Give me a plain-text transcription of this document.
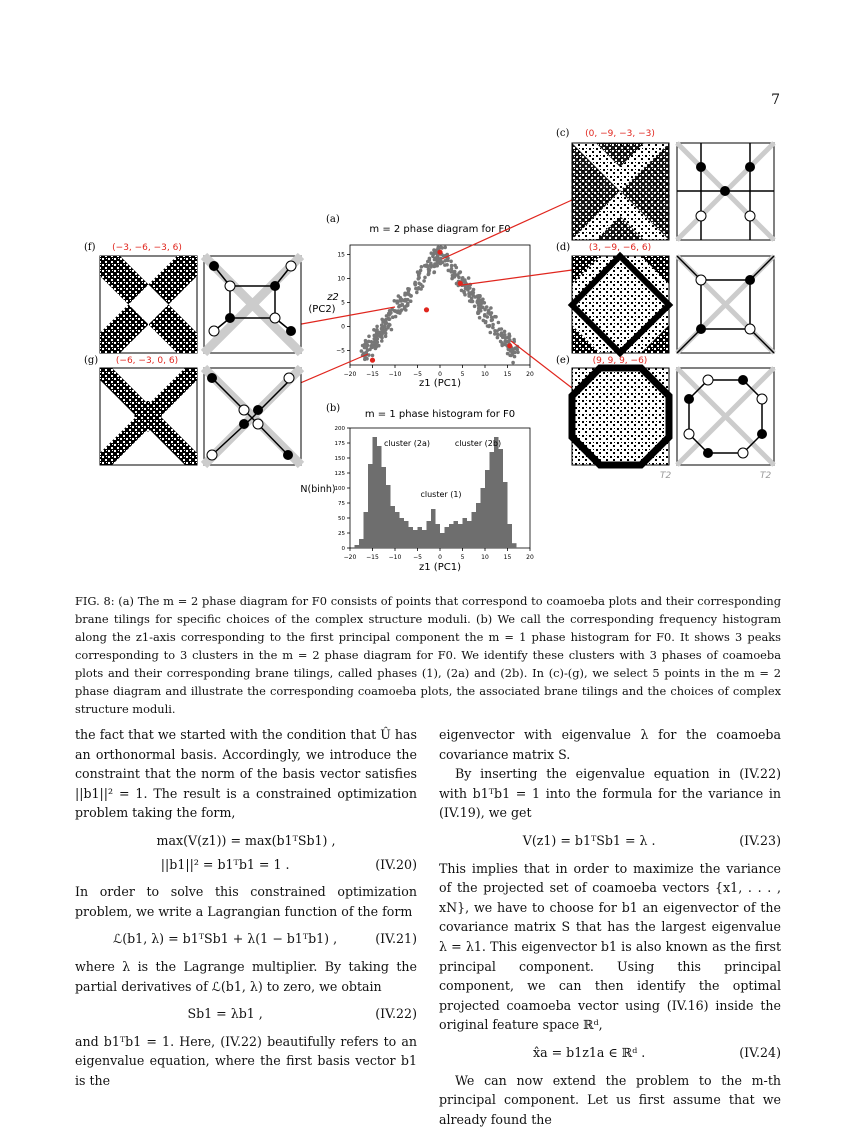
7
(a)
m = 2 phase diagram for F0
−20 −15 −10 −5	0	5	10 15 20
15
10
5
0
−5
z2
(PC2)
z1 (PC1)
(b)
m = 1 phase histogram for F0
−20 −15 −10 −5	0	5	10 15 20
200
175
150
125
100
75
50
25
0
N(binh)
z1 (PC1)
cluster (2a)	cluster (2b)
cluster (1)
(c) (0, −9, −3, −3)
(d) (3, −9, −6, 6)
(e)	(9, 9, 9, −6)
T2	T2
(f) (−3, −6, −3, 6)
(g) (−6, −3, 0, 6)
FIG. 8: (a) The m = 2 phase diagram for F0 consists of points that correspond to coamoeba plots and their corresponding brane tilings for specific choices of the complex structure moduli. (b) We call the corresponding frequency histogram along the z1-axis corresponding to the first principal component the m = 1 phase histogram for F0. It shows 3 peaks corresponding to 3 clusters in the m = 2 phase diagram for F0. We identify these clusters with 3 phases of coamoeba plots and their corresponding brane tilings, called phases (1), (2a) and (2b). In (c)-(g), we select 5 points in the m = 2 phase diagram and illustrate the corresponding coamoeba plots, the associated brane tilings and the choices of complex structure moduli.

the fact that we started with the condition that Û has an orthonormal basis. Accordingly, we introduce the constraint that the norm of the basis vector satisfies ||b1||² = 1. The result is a constrained optimization problem taking the form,

max(V(z1)) = max(b1ᵀSb1) ,
||b1||² = b1ᵀb1 = 1 .	(IV.20)

In order to solve this constrained optimization problem, we write a Lagrangian function of the form

ℒ(b1, λ) = b1ᵀSb1 + λ(1 − b1ᵀb1) ,	(IV.21)

where λ is the Lagrange multiplier. By taking the partial derivatives of ℒ(b1, λ) to zero, we obtain

Sb1 = λb1 ,	(IV.22)

and b1ᵀb1 = 1. Here, (IV.22) beautifully refers to an eigenvalue equation, where the first basis vector b1 is the

eigenvector with eigenvalue λ for the coamoeba covariance matrix S.

By inserting the eigenvalue equation in (IV.22) with b1ᵀb1 = 1 into the formula for the variance in (IV.19), we get

V(z1) = b1ᵀSb1 = λ .	(IV.23)

This implies that in order to maximize the variance of the projected set of coamoeba vectors {x1, . . . , xN}, we have to choose for b1 an eigenvector of the covariance matrix S that has the largest eigenvalue λ = λ1. This eigenvector b1 is also known as the first principal component. Using this principal component, we can then identify the optimal projected coamoeba vector using (IV.16) inside the original feature space ℝᵈ,

x̂a = b1z1a ∈ ℝᵈ .	(IV.24)

We can now extend the problem to the m-th principal component. Let us first assume that we already found the
